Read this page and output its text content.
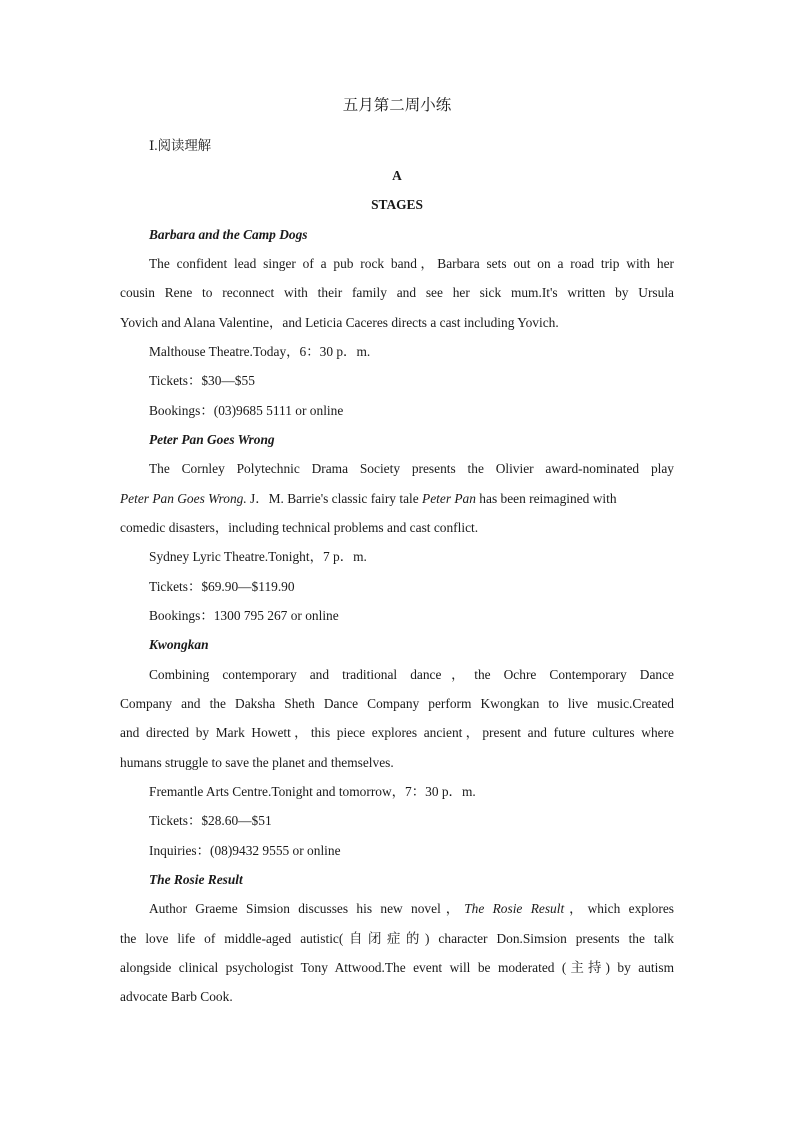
五月第二周小练
Ⅰ.阅读理解
A
STAGES
Barbara and the Camp Dogs
The confident lead singer of a pub rock band，Barbara sets out on a road trip with her
cousin Rene to reconnect with their family and see her sick mum.It's written by Ursula
Yovich and Alana Valentine，and Leticia Caceres directs a cast including Yovich.
Malthouse Theatre.Today，6：30 p．m.
Tickets：$30—$55
Bookings：(03)9685 5111 or online
Peter Pan Goes Wrong
The Cornley Polytechnic Drama Society presents the Olivier award-nominated play
Peter Pan Goes Wrong. J．M. Barrie's classic fairy tale Peter Pan has been reimagined with
comedic disasters，including technical problems and cast conflict.
Sydney Lyric Theatre.Tonight，7 p．m.
Tickets：$69.90—$119.90
Bookings：1300 795 267 or online
Kwongkan
Combining contemporary and traditional dance，the Ochre Contemporary Dance
Company and the Daksha Sheth Dance Company perform Kwongkan to live music.Created
and directed by Mark Howett，this piece explores ancient，present and future cultures where
humans struggle to save the planet and themselves.
Fremantle Arts Centre.Tonight and tomorrow，7：30 p．m.
Tickets：$28.60—$51
Inquiries：(08)9432 9555 or online
The Rosie Result
Author Graeme Simsion discusses his new novel，The Rosie Result，which explores
the love life of middle-aged autistic(自闭症的) character Don.Simsion presents the talk
alongside clinical psychologist Tony Attwood.The event will be moderated (主持) by autism
advocate Barb Cook.
